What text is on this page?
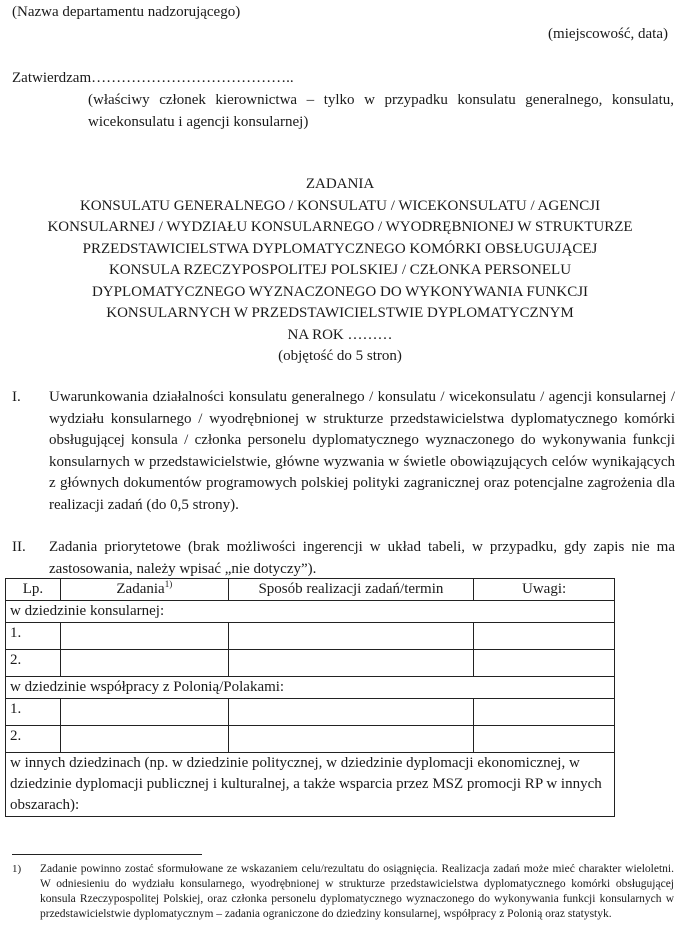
(Nazwa departamentu nadzorującego)
(miejscowość, data)
Zatwierdzam…………………………………..
(właściwy członek kierownictwa – tylko w przypadku konsulatu generalnego, konsulatu, wicekonsulatu i agencji konsularnej)
ZADANIA
KONSULATU GENERALNEGO / KONSULATU / WICEKONSULATU / AGENCJI
KONSULARNEJ / WYDZIAŁU KONSULARNEGO / WYODRĘBNIONEJ W STRUKTURZE
PRZEDSTAWICIELSTWA DYPLOMATYCZNEGO KOMÓRKI OBSŁUGUJĄCEJ
KONSULA RZECZYPOSPOLITEJ POLSKIEJ / CZŁONKA PERSONELU
DYPLOMATYCZNEGO WYZNACZONEGO DO WYKONYWANIA FUNKCJI
KONSULARNYCH W PRZEDSTAWICIELSTWIE DYPLOMATYCZNYM
NA ROK ………
(objętość do 5 stron)
I. Uwarunkowania działalności konsulatu generalnego / konsulatu / wicekonsulatu / agencji konsularnej / wydziału konsularnego / wyodrębnionej w strukturze przedstawicielstwa dyplomatycznego komórki obsługującej konsula / członka personelu dyplomatycznego wyznaczonego do wykonywania funkcji konsularnych w przedstawicielstwie, główne wyzwania w świetle obowiązujących celów wynikających z głównych dokumentów programowych polskiej polityki zagranicznej oraz potencjalne zagrożenia dla realizacji zadań (do 0,5 strony).
II. Zadania priorytetowe (brak możliwości ingerencji w układ tabeli, w przypadku, gdy zapis nie ma zastosowania, należy wpisać „nie dotyczy”).
Lp.	Zadania$^{1)}$	Sposób realizacji zadań/termin	Uwagi:
w dziedzinie konsularnej:			
1.			
2.			
w dziedzinie współpracy z Polonią/Polakami:			
1.			
2.			
w innych dziedzinach (np. w dziedzinie politycznej, w dziedzinie dyplomacji ekonomicznej, w dziedzinie dyplomacji publicznej i kulturalnej, a także wsparcia przez MSZ promocji RP w innych obszarach):			
1) Zadanie powinno zostać sformułowane ze wskazaniem celu/rezultatu do osiągnięcia. Realizacja zadań może mieć charakter wieloletni. W odniesieniu do wydziału konsularnego, wyodrębnionej w strukturze przedstawicielstwa dyplomatycznego komórki obsługującej konsula Rzeczypospolitej Polskiej, oraz członka personelu dyplomatycznego wyznaczonego do wykonywania funkcji konsularnych w przedstawicielstwie dyplomatycznym – zadania ograniczone do dziedziny konsularnej, współpracy z Polonią oraz statystyk.
